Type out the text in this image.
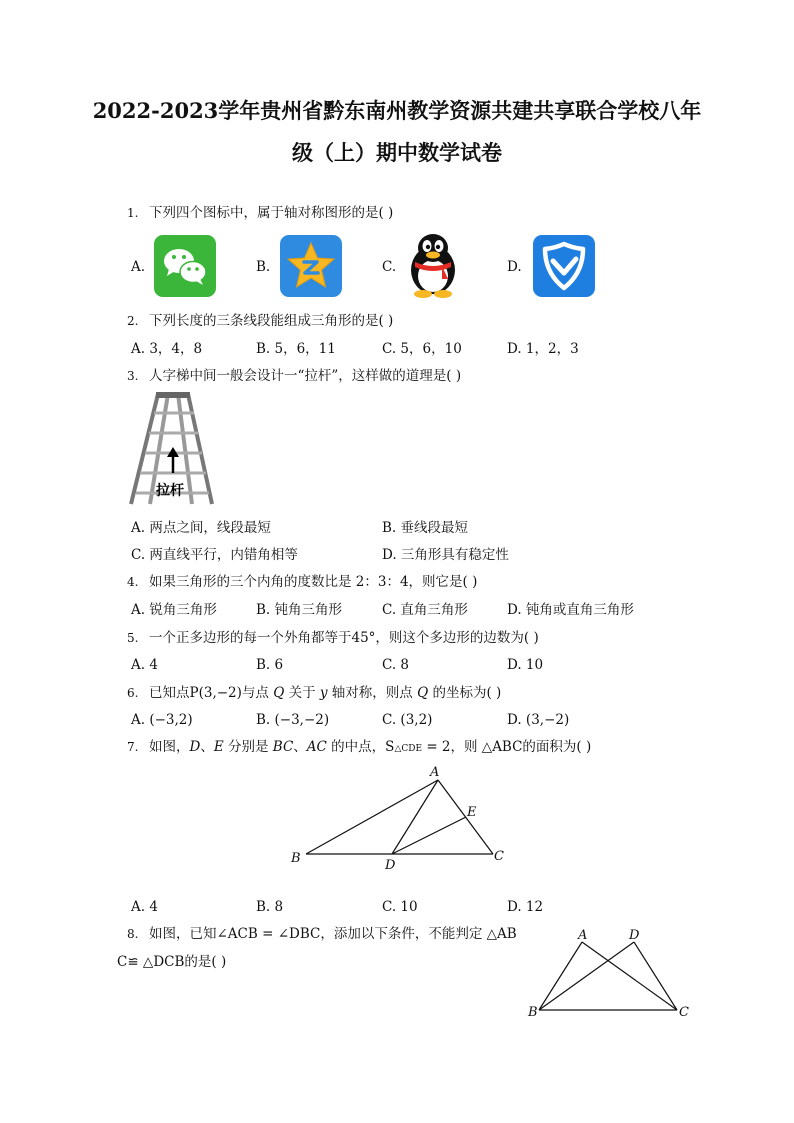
2022-2023学年贵州省黔东南州教学资源共建共享联合学校八年
级（上）期中数学试卷
1. 下列四个图标中，属于轴对称图形的是( )
A.	B.	C.	D.
2. 下列长度的三条线段能组成三角形的是( )
A. 3，4，8	B. 5，6，11	C. 5，6，10	D. 1，2，3
3. 人字梯中间一般会设计一“拉杆”，这样做的道理是( )
拉杆
A. 两点之间，线段最短	B. 垂线段最短
C. 两直线平行，内错角相等	D. 三角形具有稳定性
4. 如果三角形的三个内角的度数比是 2：3：4，则它是( )
A. 锐角三角形	B. 钝角三角形	C. 直角三角形	D. 钝角或直角三角形
5. 一个正多边形的每一个外角都等于45°，则这个多边形的边数为( )
A. 4	B. 6	C. 8	D. 10
6. 已知点P(3,−2)与点 Q 关于 y 轴对称，则点 Q 的坐标为( )
A. (−3,2)	B. (−3,−2)	C. (3,2)	D. (3,−2)
7. 如图，D、E 分别是 BC、AC 的中点，S△CDE = 2，则 △ABC的面积为( )
A
B	C
D
E
A. 4	B. 8	C. 10	D. 12
8. 如图，已知∠ACB = ∠DBC，添加以下条件，不能判定 △AB
C≌ △DCB的是( )
A	D
B	C
